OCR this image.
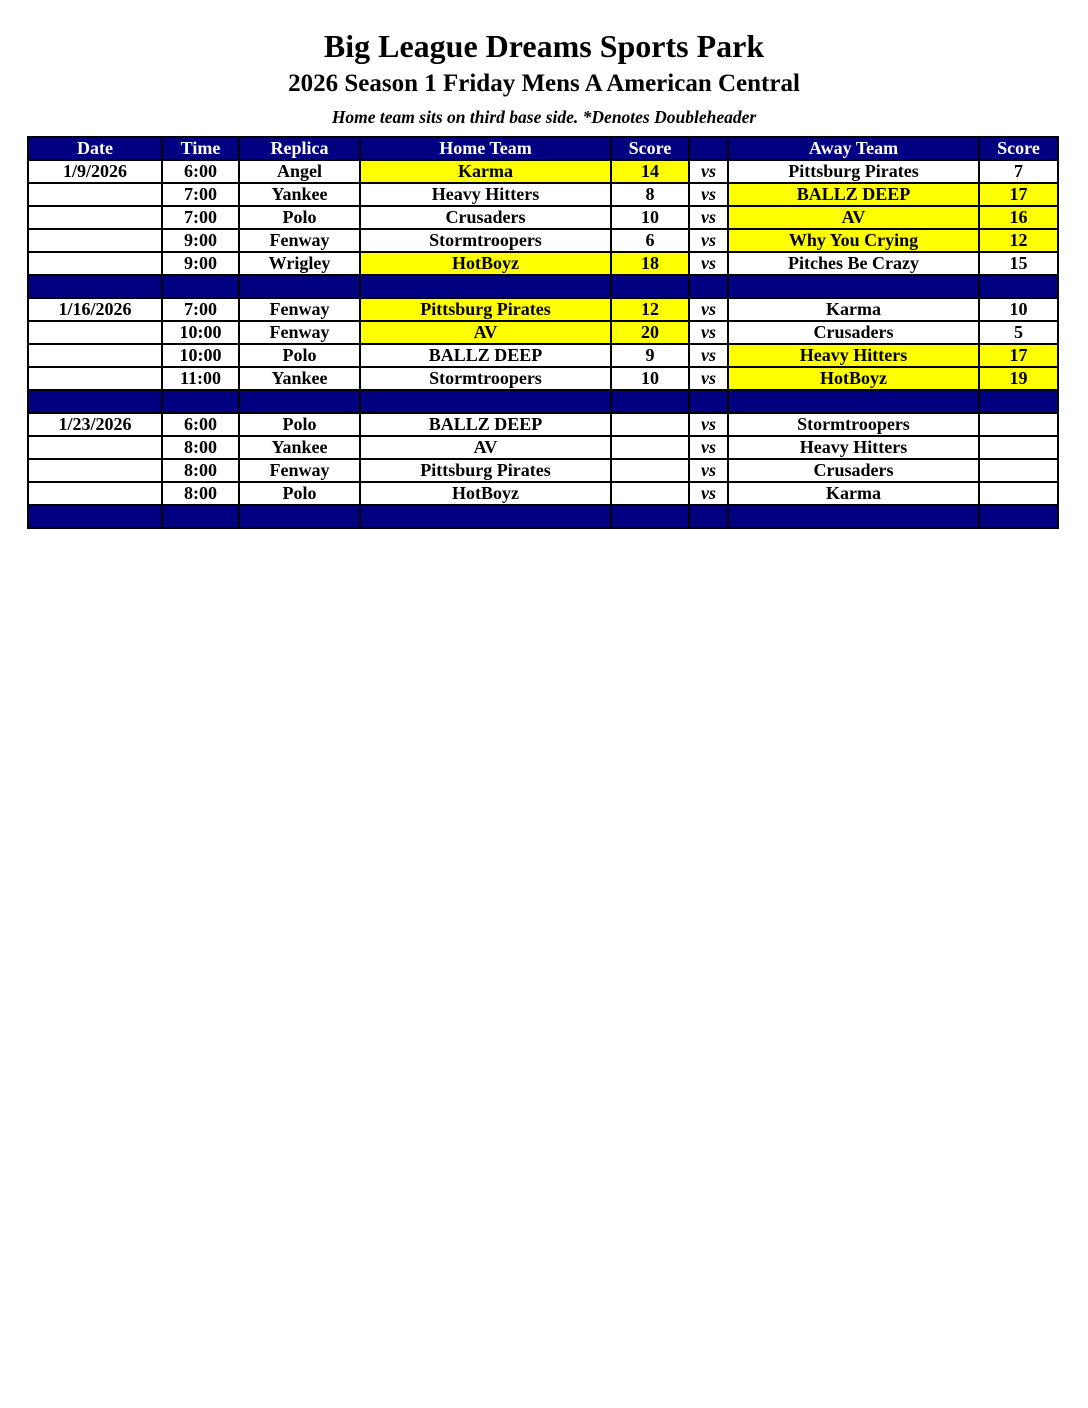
Big League Dreams Sports Park
2026 Season 1 Friday Mens A American Central
Home team sits on third base side. *Denotes Doubleheader
Date	Time	Replica	Home Team	Score		Away Team	Score
1/9/2026	6:00	Angel	Karma	14	vs	Pittsburg Pirates	7
	7:00	Yankee	Heavy Hitters	8	vs	BALLZ DEEP	17
	7:00	Polo	Crusaders	10	vs	AV	16
	9:00	Fenway	Stormtroopers	6	vs	Why You Crying	12
	9:00	Wrigley	HotBoyz	18	vs	Pitches Be Crazy	15

1/16/2026	7:00	Fenway	Pittsburg Pirates	12	vs	Karma	10
	10:00	Fenway	AV	20	vs	Crusaders	5
	10:00	Polo	BALLZ DEEP	9	vs	Heavy Hitters	17
	11:00	Yankee	Stormtroopers	10	vs	HotBoyz	19

1/23/2026	6:00	Polo	BALLZ DEEP		vs	Stormtroopers	
	8:00	Yankee	AV		vs	Heavy Hitters	
	8:00	Fenway	Pittsburg Pirates		vs	Crusaders	
	8:00	Polo	HotBoyz		vs	Karma	
